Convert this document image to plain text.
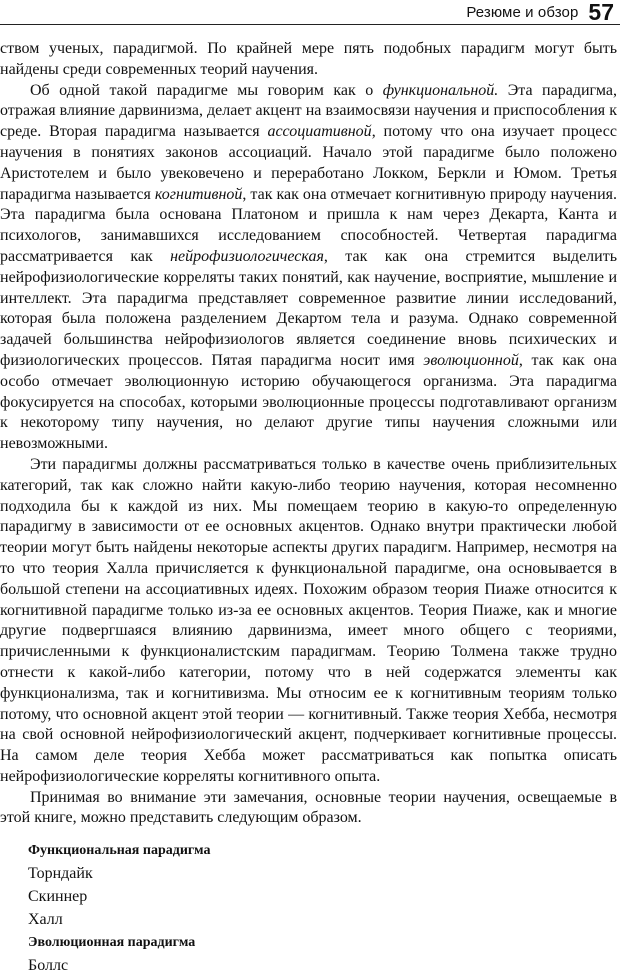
Резюме и обзор 57

ством ученых, парадигмой. По крайней мере пять подобных парадигм могут быть найдены среди современных теорий научения.

Об одной такой парадигме мы говорим как о функциональной. Эта парадигма, отражая влияние дарвинизма, делает акцент на взаимосвязи научения и приспособления к среде. Вторая парадигма называется ассоциативной, потому что она изучает процесс научения в понятиях законов ассоциаций. Начало этой парадигме было положено Аристотелем и было увековечено и переработано Локком, Беркли и Юмом. Третья парадигма называется когнитивной, так как она отмечает когнитивную природу научения. Эта парадигма была основана Платоном и пришла к нам через Декарта, Канта и психологов, занимавшихся исследованием способностей. Четвертая парадигма рассматривается как нейрофизиологическая, так как она стремится выделить нейрофизиологические корреляты таких понятий, как научение, восприятие, мышление и интеллект. Эта парадигма представляет современное развитие линии исследований, которая была положена разделением Декартом тела и разума. Однако современной задачей большинства нейрофизиологов является соединение вновь психических и физиологических процессов. Пятая парадигма носит имя эволюционной, так как она особо отмечает эволюционную историю обучающегося организма. Эта парадигма фокусируется на способах, которыми эволюционные процессы подготавливают организм к некоторому типу научения, но делают другие типы научения сложными или невозможными.

Эти парадигмы должны рассматриваться только в качестве очень приблизительных категорий, так как сложно найти какую-либо теорию научения, которая несомненно подходила бы к каждой из них. Мы помещаем теорию в какую-то определенную парадигму в зависимости от ее основных акцентов. Однако внутри практически любой теории могут быть найдены некоторые аспекты других парадигм. Например, несмотря на то что теория Халла причисляется к функциональной парадигме, она основывается в большой степени на ассоциативных идеях. Похожим образом теория Пиаже относится к когнитивной парадигме только из-за ее основных акцентов. Теория Пиаже, как и многие другие подвергшаяся влиянию дарвинизма, имеет много общего с теориями, причисленными к функционалистским парадигмам. Теорию Толмена также трудно отнести к какой-либо категории, потому что в ней содержатся элементы как функционализма, так и когнитивизма. Мы относим ее к когнитивным теориям только потому, что основной акцент этой теории — когнитивный. Также теория Хебба, несмотря на свой основной нейрофизиологический акцент, подчеркивает когнитивные процессы. На самом деле теория Хебба может рассматриваться как попытка описать нейрофизиологические корреляты когнитивного опыта.

Принимая во внимание эти замечания, основные теории научения, освещаемые в этой книге, можно представить следующим образом.

Функциональная парадигма
Торндайк
Скиннер
Халл
Эволюционная парадигма
Боллс
